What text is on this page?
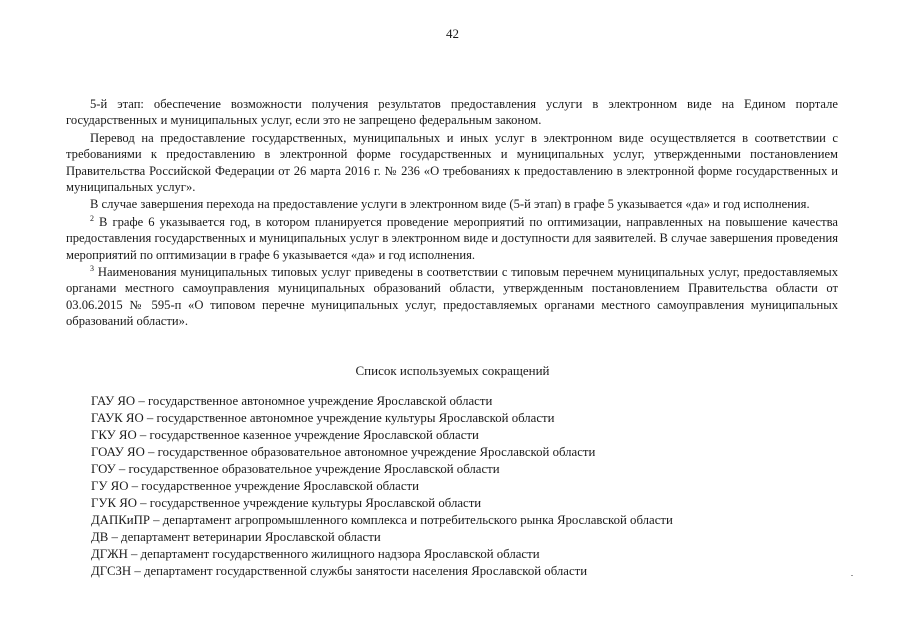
42

5-й этап: обеспечение возможности получения результатов предоставления услуги в электронном виде на Едином портале государственных и муниципальных услуг, если это не запрещено федеральным законом.

Перевод на предоставление государственных, муниципальных и иных услуг в электронном виде осуществляется в соответствии с требованиями к предоставлению в электронной форме государственных и муниципальных услуг, утвержденными постановлением Правительства Российской Федерации от 26 марта 2016 г. № 236 «О требованиях к предоставлению в электронной форме государственных и муниципальных услуг».

В случае завершения перехода на предоставление услуги в электронном виде (5-й этап) в графе 5 указывается «да» и год исполнения.

$^2$ В графе 6 указывается год, в котором планируется проведение мероприятий по оптимизации, направленных на повышение качества предоставления государственных и муниципальных услуг в электронном виде и доступности для заявителей. В случае завершения проведения мероприятий по оптимизации в графе 6 указывается «да» и год исполнения.

$^3$ Наименования муниципальных типовых услуг приведены в соответствии с типовым перечнем муниципальных услуг, предоставляемых органами местного самоуправления муниципальных образований области, утвержденным постановлением Правительства области от 03.06.2015 № 595-п «О типовом перечне муниципальных услуг, предоставляемых органами местного самоуправления муниципальных образований области».

Список используемых сокращений
ГАУ ЯО – государственное автономное учреждение Ярославской области
ГАУК ЯО – государственное автономное учреждение культуры Ярославской области
ГКУ ЯО – государственное казенное учреждение Ярославской области
ГОАУ ЯО – государственное образовательное автономное учреждение Ярославской области
ГОУ – государственное образовательное учреждение Ярославской области
ГУ ЯО – государственное учреждение Ярославской области
ГУК ЯО – государственное учреждение культуры Ярославской области
ДАПКиПР – департамент агропромышленного комплекса и потребительского рынка Ярославской области
ДВ – департамент ветеринарии Ярославской области
ДГЖН – департамент государственного жилищного надзора Ярославской области
ДГСЗН – департамент государственной службы занятости населения Ярославской области
